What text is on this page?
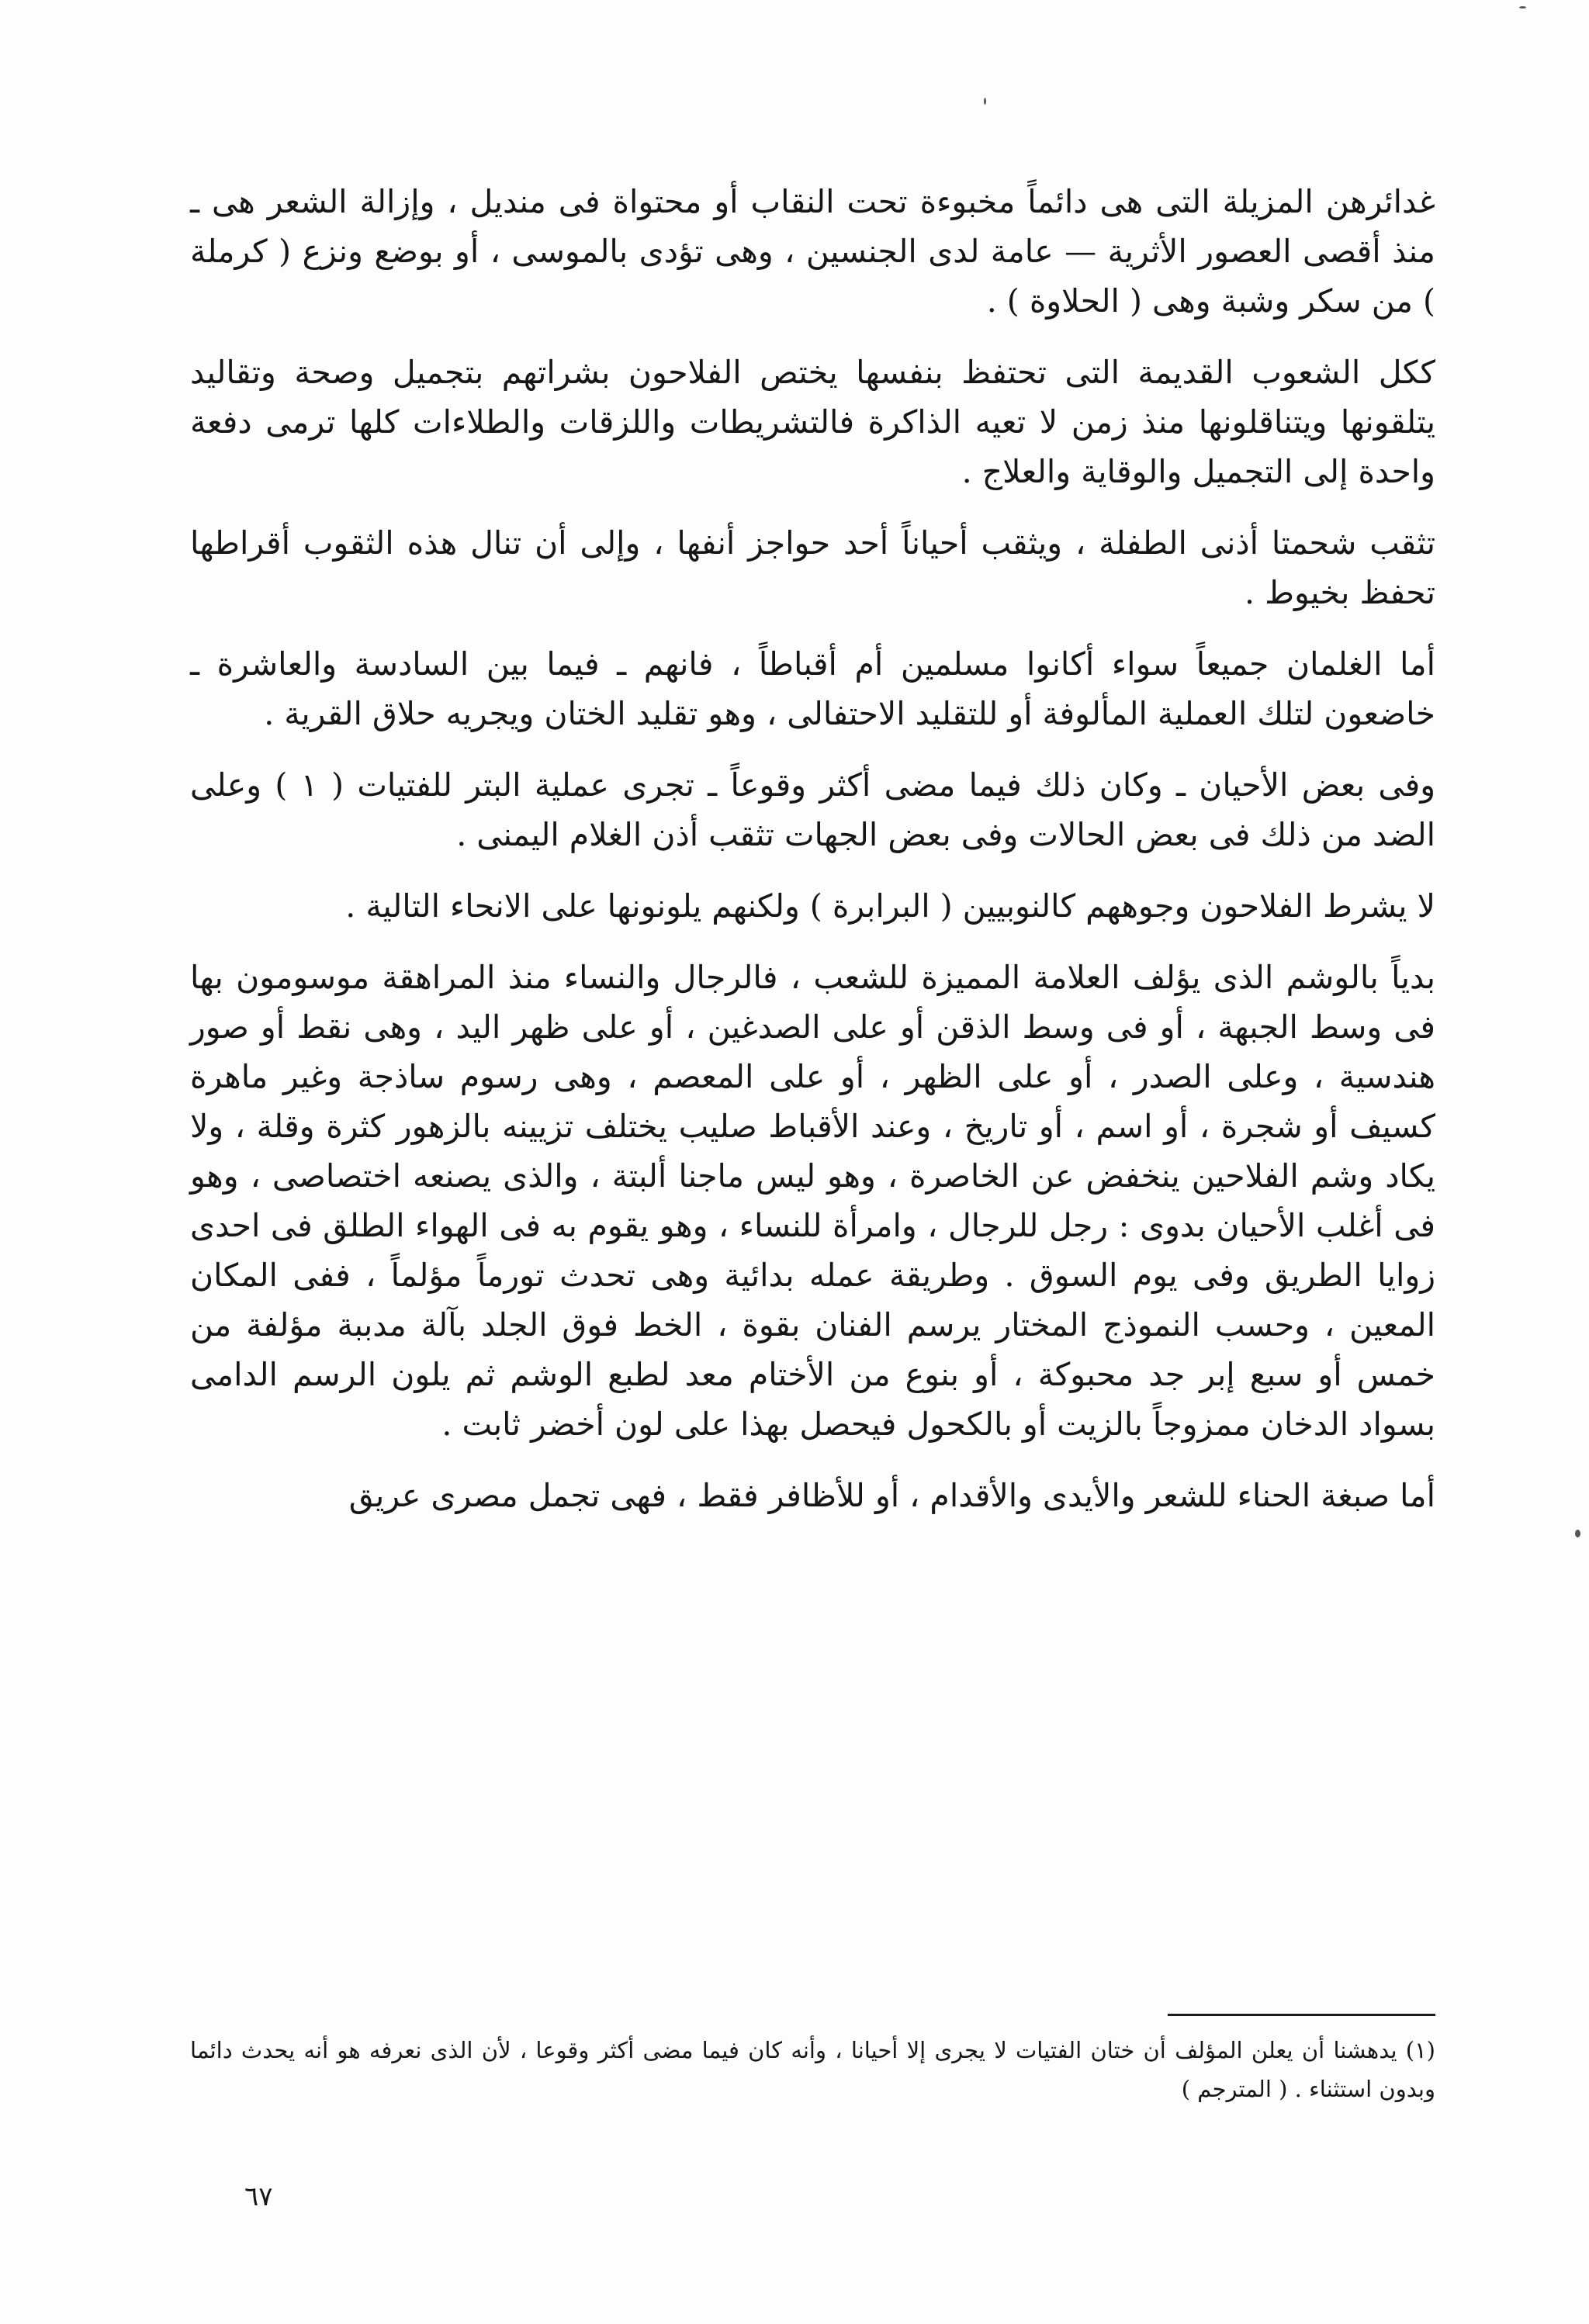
غدائرهن المزيلة التى هى دائماً مخبوءة تحت النقاب أو محتواة فى منديل ، وإزالة الشعر هى ـ منذ أقصى العصور الأثرية — عامة لدى الجنسين ، وهى تؤدى بالموسى ، أو بوضع ونزع ( كرملة ) من سكر وشبة وهى ( الحلاوة ) .

ككل الشعوب القديمة التى تحتفظ بنفسها يختص الفلاحون بشراتهم بتجميل وصحة وتقاليد يتلقونها ويتناقلونها منذ زمن لا تعيه الذاكرة فالتشريطات واللزقات والطلاءات كلها ترمى دفعة واحدة إلى التجميل والوقاية والعلاج .

تثقب شحمتا أذنى الطفلة ، ويثقب أحياناً أحد حواجز أنفها ، وإلى أن تنال هذه الثقوب أقراطها تحفظ بخيوط .

أما الغلمان جميعاً سواء أكانوا مسلمين أم أقباطاً ، فانهم ـ فيما بين السادسة والعاشرة ـ خاضعون لتلك العملية المألوفة أو للتقليد الاحتفالى ، وهو تقليد الختان ويجريه حلاق القرية .

وفى بعض الأحيان ـ وكان ذلك فيما مضى أكثر وقوعاً ـ تجرى عملية البتر للفتيات ( ١ ) وعلى الضد من ذلك فى بعض الحالات وفى بعض الجهات تثقب أذن الغلام اليمنى .

لا يشرط الفلاحون وجوههم كالنوبيين ( البرابرة ) ولكنهم يلونونها على الانحاء التالية .

بدياً بالوشم الذى يؤلف العلامة المميزة للشعب ، فالرجال والنساء منذ المراهقة موسومون بها فى وسط الجبهة ، أو فى وسط الذقن أو على الصدغين ، أو على ظهر اليد ، وهى نقط أو صور هندسية ، وعلى الصدر ، أو على الظهر ، أو على المعصم ، وهى رسوم ساذجة وغير ماهرة كسيف أو شجرة ، أو اسم ، أو تاريخ ، وعند الأقباط صليب يختلف تزيينه بالزهور كثرة وقلة ، ولا يكاد وشم الفلاحين ينخفض عن الخاصرة ، وهو ليس ماجنا ألبتة ، والذى يصنعه اختصاصى ، وهو فى أغلب الأحيان بدوى : رجل للرجال ، وامرأة للنساء ، وهو يقوم به فى الهواء الطلق فى احدى زوايا الطريق وفى يوم السوق . وطريقة عمله بدائية وهى تحدث تورماً مؤلماً ، ففى المكان المعين ، وحسب النموذج المختار يرسم الفنان بقوة ، الخط فوق الجلد بآلة مدببة مؤلفة من خمس أو سبع إبر جد محبوكة ، أو بنوع من الأختام معد لطبع الوشم ثم يلون الرسم الدامى بسواد الدخان ممزوجاً بالزيت أو بالكحول فيحصل بهذا على لون أخضر ثابت .

أما صبغة الحناء للشعر والأيدى والأقدام ، أو للأظافر فقط ، فهى تجمل مصرى عريق

(١) يدهشنا أن يعلن المؤلف أن ختان الفتيات لا يجرى إلا أحيانا ، وأنه كان فيما مضى أكثر وقوعا ، لأن الذى نعرفه هو أنه يحدث دائما وبدون استثناء . ( المترجم )

٦٧
